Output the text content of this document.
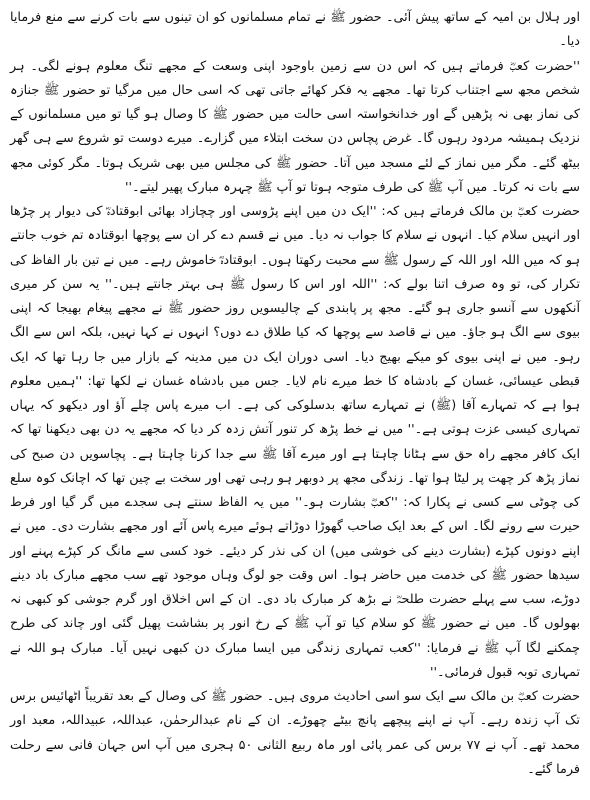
اور ہلال بن امیہ کے ساتھ پیش آئی۔ حضور ﷺ نے تمام مسلمانوں کو ان تینوں سے بات کرنے سے منع فرمایا دیا۔

''حضرت کعبؓ فرماتے ہیں کہ اس دن سے زمین باوجود اپنی وسعت کے مجھے تنگ معلوم ہونے لگی۔ ہر شخص مجھ سے اجتناب کرتا تھا۔ مجھے یہ فکر کھائے جاتی تھی کہ اسی حال میں مرگیا تو حضور ﷺ جنازہ کی نماز بھی نہ پڑھیں گے اور خدانخواستہ اسی حالت میں حضور ﷺ کا وصال ہو گیا تو میں مسلمانوں کے نزدیک ہمیشہ مردود رہوں گا۔ غرض پچاس دن سخت ابتلاء میں گزارے۔ میرے دوست تو شروع سے ہی گھر بیٹھ گئے۔ مگر میں نماز کے لئے مسجد میں آتا۔ حضور ﷺ کی مجلس میں بھی شریک ہوتا۔ مگر کوئی مجھ سے بات نہ کرتا۔ میں آپ ﷺ کی طرف متوجہ ہوتا تو آپ ﷺ چہرہ مبارک پھیر لیتے۔''

حضرت کعبؓ بن مالک فرماتے ہیں کہ: ''ایک دن میں اپنے پڑوسی اور چچازاد بھائی ابوقتادہؓ کی دیوار پر چڑھا اور انہیں سلام کیا۔ انہوں نے سلام کا جواب نہ دیا۔ میں نے قسم دے کر ان سے پوچھا ابوقتادہ تم خوب جانتے ہو کہ میں اللہ اور اللہ کے رسول ﷺ سے محبت رکھتا ہوں۔ ابوقتادہؓ خاموش رہے۔ میں نے تین بار الفاظ کی تکرار کی، تو وہ صرف اتنا بولے کہ: ''اللہ اور اس کا رسول ﷺ ہی بہتر جانتے ہیں۔'' یہ سن کر میری آنکھوں سے آنسو جاری ہو گئے۔ مجھ پر پابندی کے چالیسویں روز حضور ﷺ نے مجھے پیغام بھیجا کہ اپنی بیوی سے الگ ہو جاؤ۔ میں نے قاصد سے پوچھا کہ کیا طلاق دے دوں؟ انہوں نے کہا نہیں، بلکہ اس سے الگ رہو۔ میں نے اپنی بیوی کو میکے بھیج دیا۔ اسی دوران ایک دن میں مدینہ کے بازار میں جا رہا تھا کہ ایک قبطی عیسائی، غسان کے بادشاہ کا خط میرے نام لایا۔ جس میں بادشاہ غسان نے لکھا تھا: ''ہمیں معلوم ہوا ہے کہ تمہارے آقا (ﷺ) نے تمہارے ساتھ بدسلوکی کی ہے۔ اب میرے پاس چلے آؤ اور دیکھو کہ یہاں تمہاری کیسی عزت ہوتی ہے۔'' میں نے خط پڑھ کر تنور آتش زدہ کر دیا کہ مجھے یہ دن بھی دیکھنا تھا کہ ایک کافر مجھے راہ حق سے ہٹانا چاہتا ہے اور میرے آقا ﷺ سے جدا کرنا چاہتا ہے۔ پچاسویں دن صبح کی نماز پڑھ کر چھت پر لیٹا ہوا تھا۔ زندگی مجھ پر دوبھر ہو رہی تھی اور سخت بے چین تھا کہ اچانک کوہ سلع کی چوٹی سے کسی نے پکارا کہ: ''کعبؓ بشارت ہو۔'' میں یہ الفاظ سنتے ہی سجدے میں گر گیا اور فرط حیرت سے رونے لگا۔ اس کے بعد ایک صاحب گھوڑا دوڑاتے ہوئے میرے پاس آئے اور مجھے بشارت دی۔ میں نے اپنے دونوں کپڑے (بشارت دینے کی خوشی میں) ان کی نذر کر دیئے۔ خود کسی سے مانگ کر کپڑے پہنے اور سیدھا حضور ﷺ کی خدمت میں حاضر ہوا۔ اس وقت جو لوگ وہاں موجود تھے سب مجھے مبارک باد دینے دوڑے، سب سے پہلے حضرت طلحہؓ نے بڑھ کر مبارک باد دی۔ ان کے اس اخلاق اور گرم جوشی کو کبھی نہ بھولوں گا۔ میں نے حضور ﷺ کو سلام کیا تو آپ ﷺ کے رخ انور پر بشاشت پھیل گئی اور چاند کی طرح چمکنے لگا آپ ﷺ نے فرمایا: ''کعب تمہاری زندگی میں ایسا مبارک دن کبھی نہیں آیا۔ مبارک ہو اللہ نے تمہاری توبہ قبول فرمائی۔''

حضرت کعبؓ بن مالک سے ایک سو اسی احادیث مروی ہیں۔ حضور ﷺ کی وصال کے بعد تقریباً اٹھائیس برس تک آپ زندہ رہے۔ آپ نے اپنے پیچھے پانچ بیٹے چھوڑے۔ ان کے نام عبدالرحمٰن، عبداللہ، عبیداللہ، معبد اور محمد تھے۔ آپ نے ۷۷ برس کی عمر پائی اور ماہ ربیع الثانی ۵۰ ہجری میں آپ اس جہان فانی سے رحلت فرما گئے۔
